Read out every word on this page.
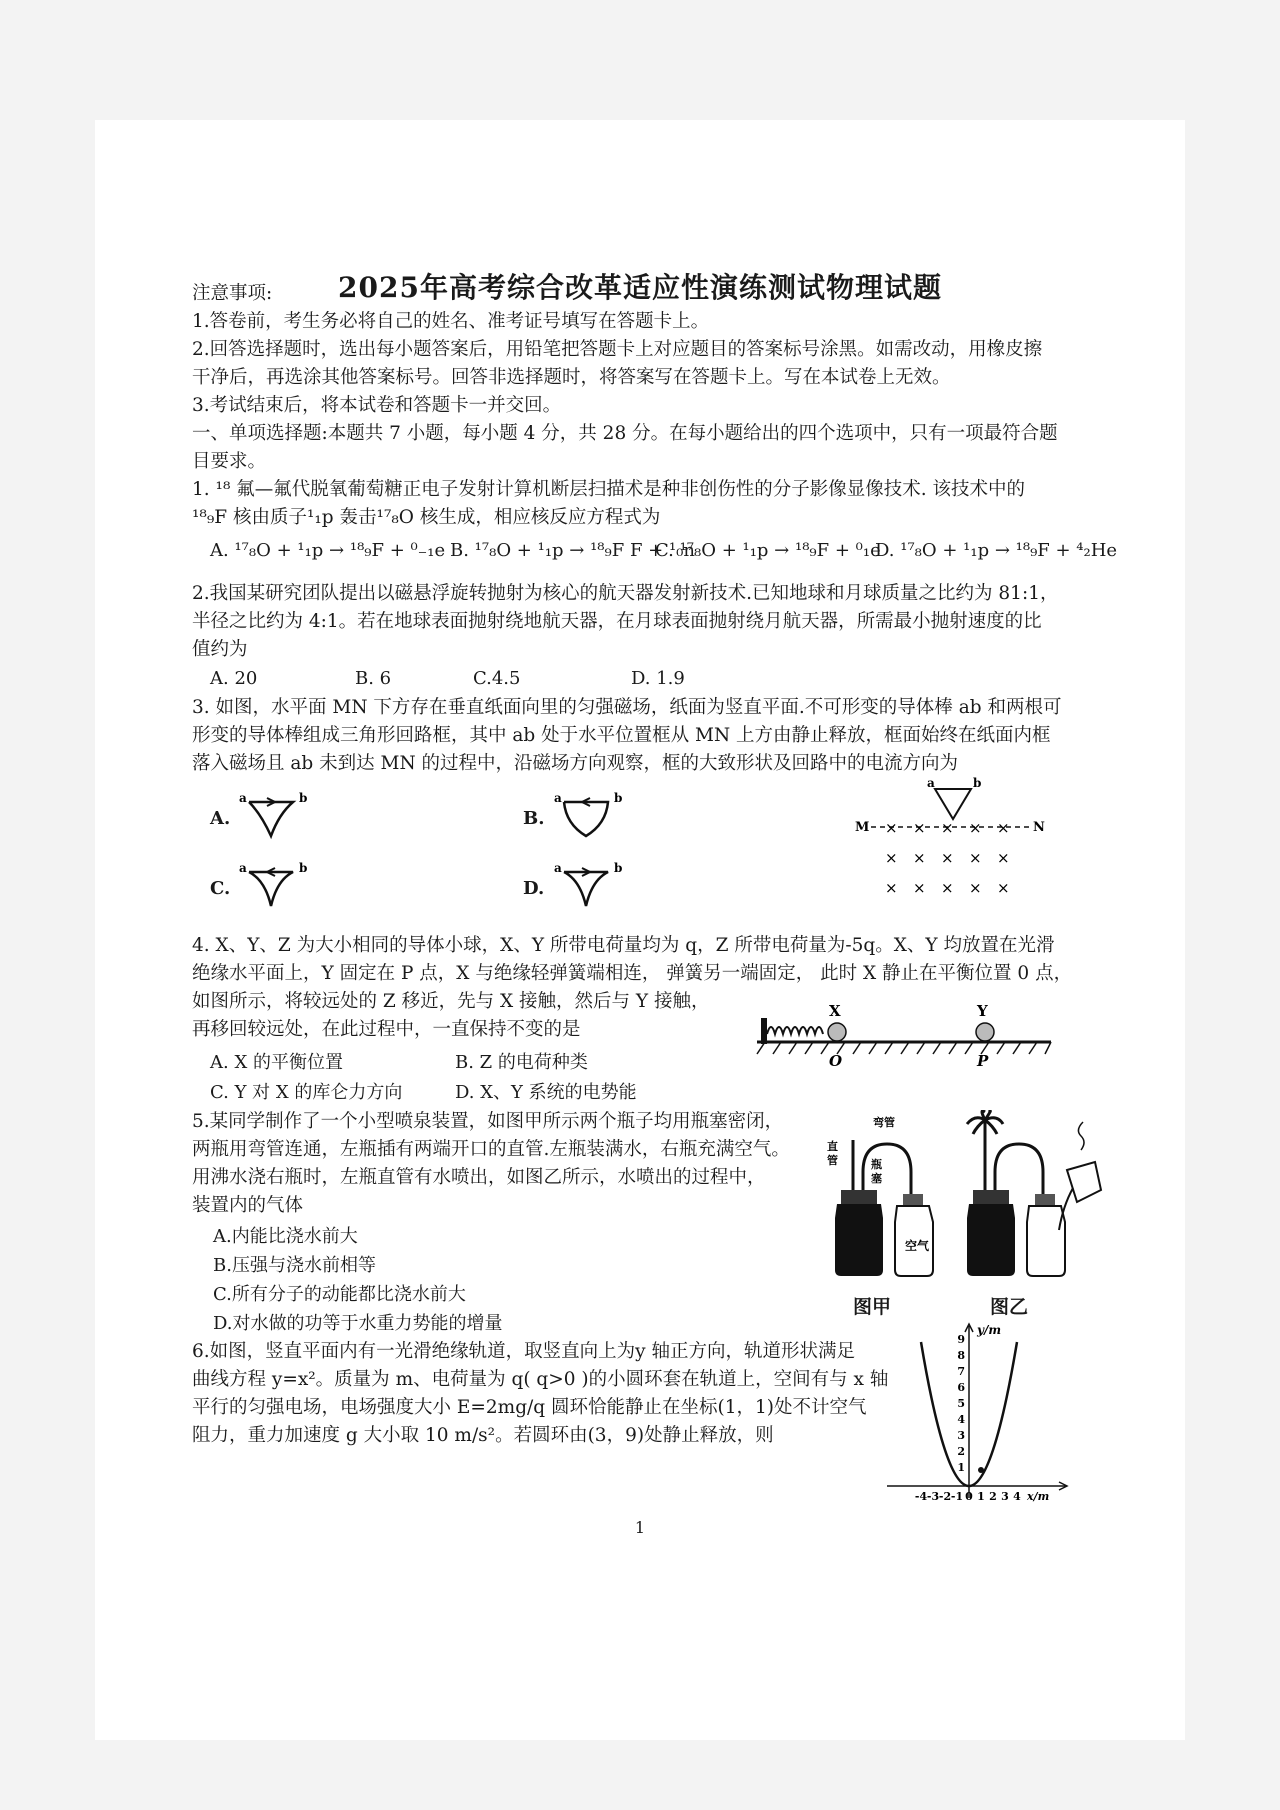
2025年高考综合改革适应性演练测试物理试题
注意事项:
1.答卷前，考生务必将自己的姓名、准考证号填写在答题卡上。
2.回答选择题时，选出每小题答案后，用铅笔把答题卡上对应题目的答案标号涂黑。如需改动，用橡皮擦
干净后，再选涂其他答案标号。回答非选择题时，将答案写在答题卡上。写在本试卷上无效。
3.考试结束后，将本试卷和答题卡一并交回。
一、单项选择题:本题共 7 小题，每小题 4 分，共 28 分。在每小题给出的四个选项中，只有一项最符合题
目要求。
1. ¹⁸ 氟—氟代脱氧葡萄糖正电子发射计算机断层扫描术是种非创伤性的分子影像显像技术. 该技术中的
¹⁸₉F 核由质子¹₁p 轰击¹⁷₈O 核生成，相应核反应方程式为
A. ¹⁷₈O + ¹₁p → ¹⁸₉F + ⁰₋₁e B. ¹⁷₈O + ¹₁p → ¹⁸₉F F + ¹₀n
C. ¹⁷₈O + ¹₁p → ¹⁸₉F + ⁰₁e
D. ¹⁷₈O + ¹₁p → ¹⁸₉F + ⁴₂He
2.我国某研究团队提出以磁悬浮旋转抛射为核心的航天器发射新技术.已知地球和月球质量之比约为 81:1，
半径之比约为 4:1。若在地球表面抛射绕地航天器，在月球表面抛射绕月航天器，所需最小抛射速度的比
值约为
A. 20	B. 6	C.4.5	D. 1.9
3. 如图，水平面 MN 下方存在垂直纸面向里的匀强磁场，纸面为竖直平面.不可形变的导体棒 ab 和两根可
形变的导体棒组成三角形回路框，其中 ab 处于水平位置框从 MN 上方由静止释放，框面始终在纸面内框
落入磁场且 ab 未到达 MN 的过程中，沿磁场方向观察，框的大致形状及回路中的电流方向为
A.
a	b
B.
a	b
C.
a	b
D.
a	b
a	b
M	N
× × × × ×
× × × × ×
× × × × ×
4. X、Y、Z 为大小相同的导体小球，X、Y 所带电荷量均为 q，Z 所带电荷量为-5q。X、Y 均放置在光滑
绝缘水平面上，Y 固定在 P 点，X 与绝缘轻弹簧端相连， 弹簧另一端固定， 此时 X 静止在平衡位置 0 点，
如图所示，将较远处的 Z 移近，先与 X 接触，然后与 Y 接触，
再移回较远处，在此过程中，一直保持不变的是
A. X 的平衡位置	B. Z 的电荷种类
C. Y 对 X 的库仑力方向	D. X、Y 系统的电势能
X	Y
O	P
5.某同学制作了一个小型喷泉装置，如图甲所示两个瓶子均用瓶塞密闭，
两瓶用弯管连通，左瓶插有两端开口的直管.左瓶装满水，右瓶充满空气。
用沸水浇右瓶时，左瓶直管有水喷出，如图乙所示，水喷出的过程中，
装置内的气体
A.内能比浇水前大
B.压强与浇水前相等
C.所有分子的动能都比浇水前大
D.对水做的功等于水重力势能的增量
直
管
弯管
瓶
塞
空气
图甲	图乙
6.如图，竖直平面内有一光滑绝缘轨道，取竖直向上为y 轴正方向，轨道形状满足
曲线方程 y=x²。质量为 m、电荷量为 q( q>0 )的小圆环套在轨道上，空间有与 x 轴
平行的匀强电场，电场强度大小 E=2mg/q 圆环恰能静止在坐标(1，1)处不计空气
阻力，重力加速度 g 大小取 10 m/s²。若圆环由(3，9)处静止释放，则
y/m
9
8
7
6
5
4
3
2
1
-4 -3 -2 -1 0 1 2 3 4 x/m
1
